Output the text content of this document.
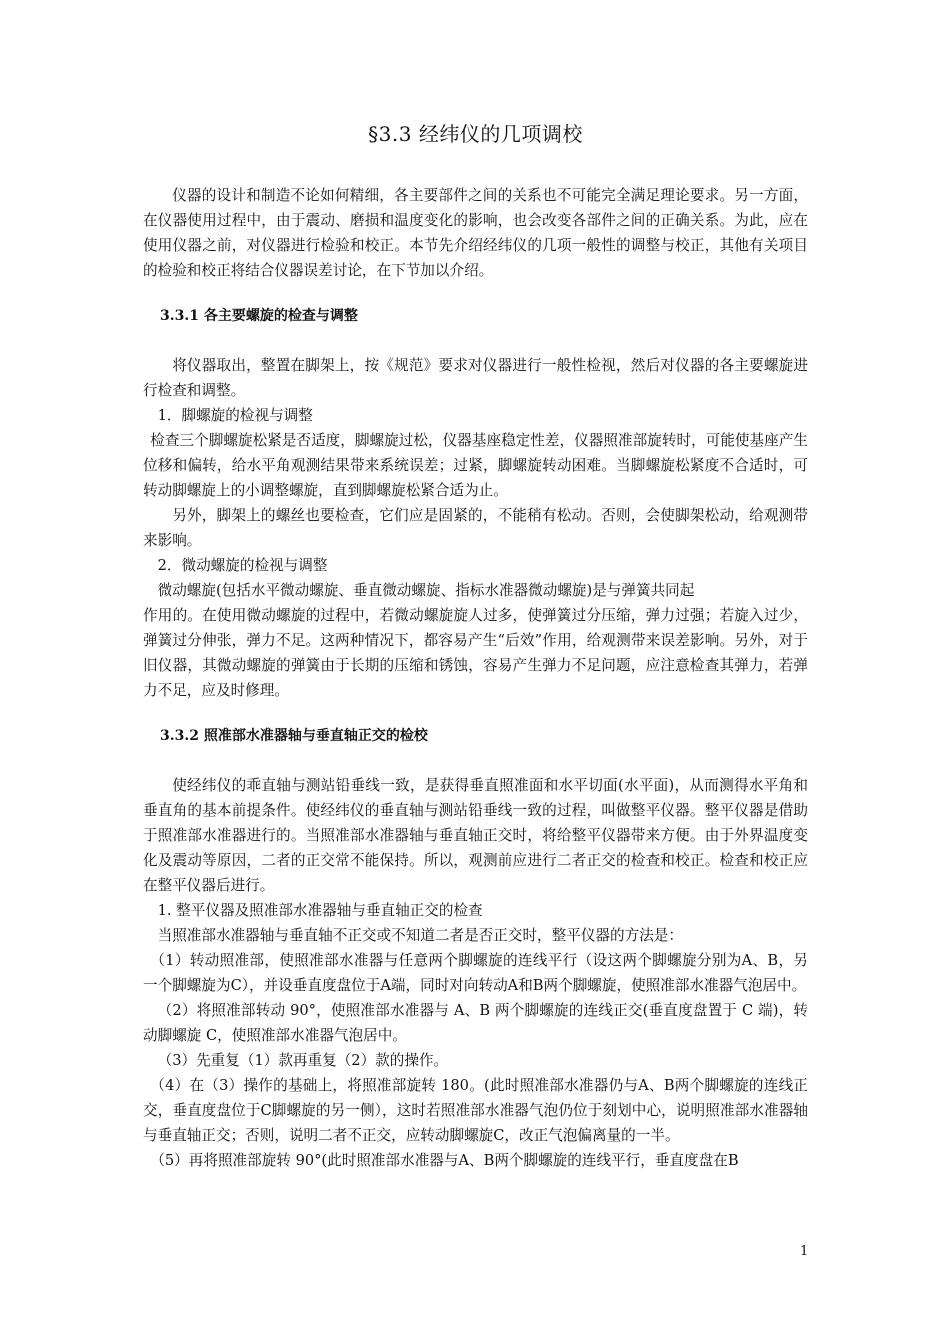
§3.3 经纬仪的几项调校

仪器的设计和制造不论如何精细，各主要部件之间的关系也不可能完全满足理论要求。另一方面，在仪器使用过程中，由于震动、磨损和温度变化的影响，也会改变各部件之间的正确关系。为此，应在使用仪器之前，对仪器进行检验和校正。本节先介绍经纬仪的几项一般性的调整与校正，其他有关项目的检验和校正将结合仪器误差讨论，在下节加以介绍。

3.3.1 各主要螺旋的检查与调整

将仪器取出，整置在脚架上，按《规范》要求对仪器进行一般性检视，然后对仪器的各主要螺旋进行检查和调整。

1．脚螺旋的检视与调整

检查三个脚螺旋松紧是否适度，脚螺旋过松，仪器基座稳定性差，仪器照准部旋转时，可能使基座产生位移和偏转，给水平角观测结果带来系统误差；过紧，脚螺旋转动困难。当脚螺旋松紧度不合适时，可转动脚螺旋上的小调整螺旋，直到脚螺旋松紧合适为止。

另外，脚架上的螺丝也要检查，它们应是固紧的，不能稍有松动。否则，会使脚架松动，给观测带来影响。

2．微动螺旋的检视与调整

微动螺旋(包括水平微动螺旋、垂直微动螺旋、指标水准器微动螺旋)是与弹簧共同起

作用的。在使用微动螺旋的过程中，若微动螺旋旋人过多，使弹簧过分压缩，弹力过强；若旋入过少，弹簧过分伸张，弹力不足。这两种情况下，都容易产生“后效”作用，给观测带来误差影响。另外，对于旧仪器，其微动螺旋的弹簧由于长期的压缩和锈蚀，容易产生弹力不足问题，应注意检查其弹力，若弹力不足，应及时修理。

3.3.2 照准部水准器轴与垂直轴正交的检校

使经纬仪的乖直轴与测站铅垂线一致，是获得垂直照准面和水平切面(水平面)，从而测得水平角和垂直角的基本前提条件。使经纬仪的垂直轴与测站铅垂线一致的过程，叫做整平仪器。整平仪器是借助于照准部水准器进行的。当照准部水准器轴与垂直轴正交时，将给整平仪器带来方便。由于外界温度变化及震动等原因，二者的正交常不能保持。所以，观测前应进行二者正交的检查和校正。检查和校正应在整平仪器后进行。

1. 整平仪器及照准部水准器轴与垂直轴正交的检查

当照准部水准器轴与垂直轴不正交或不知道二者是否正交时，整平仪器的方法是：

（1）转动照准部，使照准部水准器与任意两个脚螺旋的连线平行（设这两个脚螺旋分别为A、B，另一个脚螺旋为C），并设垂直度盘位于A端，同时对向转动A和B两个脚螺旋，使照准部水准器气泡居中。

（2）将照准部转动 90°，使照准部水准器与 A、B 两个脚螺旋的连线正交(垂直度盘置于 C 端)，转动脚螺旋 C，使照准部水准器气泡居中。

（3）先重复（1）款再重复（2）款的操作。

（4）在（3）操作的基础上，将照准部旋转 180。(此时照准部水准器仍与A、B两个脚螺旋的连线正交，垂直度盘位于C脚螺旋的另一侧），这时若照准部水准器气泡仍位于刻划中心，说明照准部水准器轴与垂直轴正交；否则，说明二者不正交，应转动脚螺旋C，改正气泡偏离量的一半。

（5）再将照准部旋转 90°(此时照准部水准器与A、B两个脚螺旋的连线平行，垂直度盘在B

1
